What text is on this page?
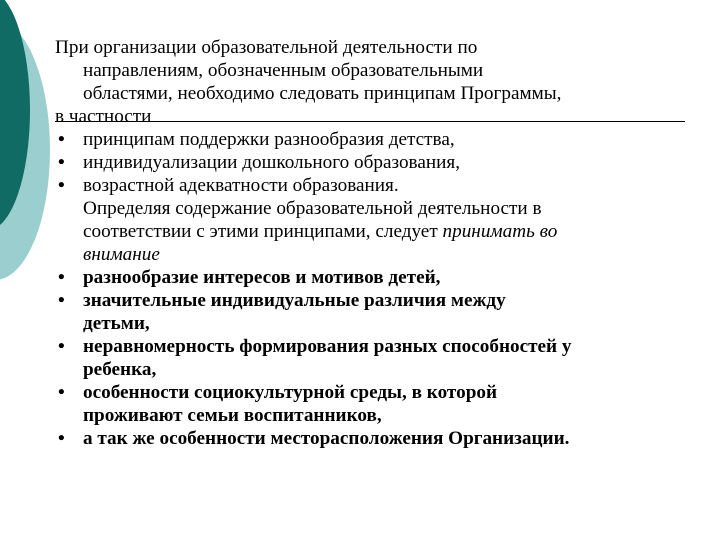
При организации образовательной деятельности по
направлениям, обозначенным образовательными
областями, необходимо следовать принципам Программы,
в частности

• принципам поддержки разнообразия детства,
• индивидуализации дошкольного образования,
• возрастной адекватности образования.
Определяя содержание образовательной деятельности в
соответствии с этими принципами, следует принимать во
внимание
• разнообразие интересов и мотивов детей,
• значительные индивидуальные различия между
детьми,
• неравномерность формирования разных способностей у
ребенка,
• особенности социокультурной среды, в которой
проживают семьи воспитанников,
• а так же особенности месторасположения Организации.
